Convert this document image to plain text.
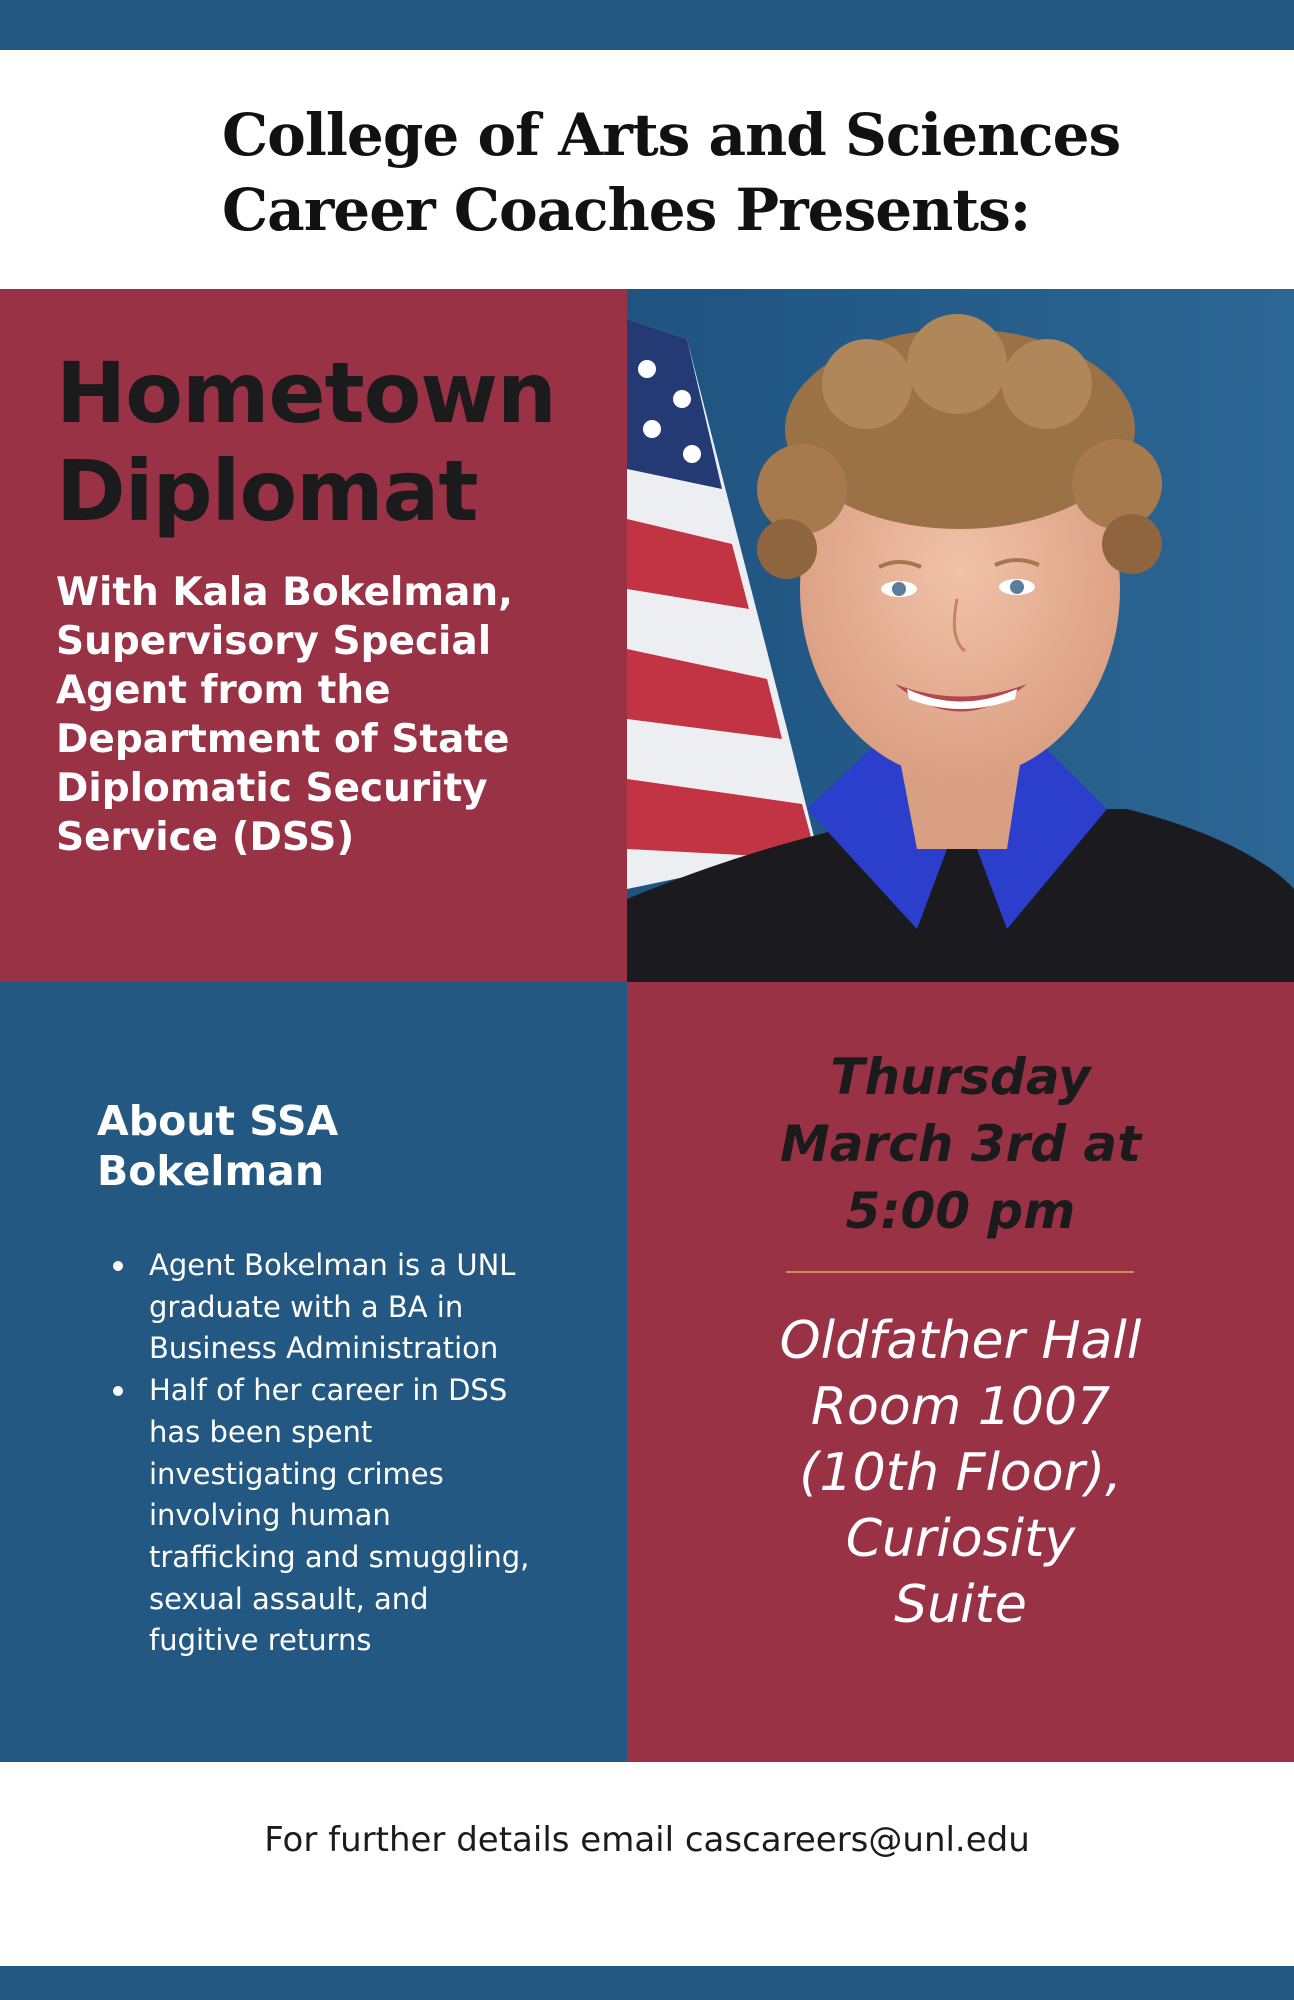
College of Arts and Sciences
Career Coaches Presents:
Hometown
Diplomat
With Kala Bokelman,
Supervisory Special
Agent from the
Department of State
Diplomatic Security
Service (DSS)
About SSA
Bokelman
Agent Bokelman is a UNL
graduate with a BA in
Business Administration
Half of her career in DSS
has been spent
investigating crimes
involving human
trafficking and smuggling,
sexual assault, and
fugitive returns
Thursday
March 3rd at
5:00 pm
Oldfather Hall
Room 1007
(10th Floor),
Curiosity
Suite
For further details email cascareers@unl.edu
